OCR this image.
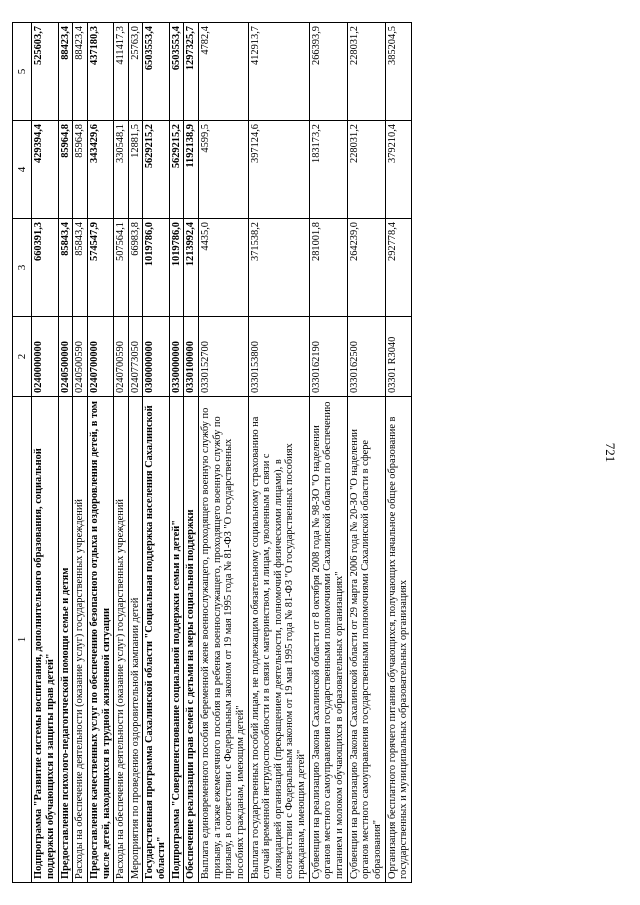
721
1	2	3	4	5
Подпрограмма "Развитие системы воспитания, дополнительного образования, социальной поддержки обучающихся и защиты прав детей"	0240000000	660391,3	429394,4	525603,7
Предоставление психолого-педагогической помощи семье и детям	0240500000	85843,4	85964,8	88423,4
Расходы на обеспечение деятельности (оказание услуг) государственных учреждений	0240500590	85843,4	85964,8	88423,4
Предоставление качественных услуг по обеспечению безопасного отдыха и оздоровления детей, в том числе детей, находящихся в трудной жизненной ситуации	0240700000	574547,9	343429,6	437180,3
Расходы на обеспечение деятельности (оказание услуг) государственных учреждений	0240700590	507564,1	330548,1	411417,3
Мероприятия по проведению оздоровительной кампании детей	0240773050	66983,8	12881,5	25763,0
Государственная программа Сахалинской области "Социальная поддержка населения Сахалинской области"	0300000000	1019786,0	5629215,2	6503553,4
Подпрограмма "Совершенствование социальной поддержки семьи и детей"	0330000000	1019786,0	5629215,2	6503553,4
Обеспечение реализации прав семей с детьми на меры социальной поддержки	0330100000	1213992,4	1192138,9	1297325,7
Выплата единовременного пособия беременной жене военнослужащего, проходящего военную службу по призыву, а также ежемесячного пособия на ребенка военнослужащего, проходящего военную службу по призыву, в соответствии с Федеральным законом от 19 мая 1995 года № 81-ФЗ "О государственных пособиях гражданам, имеющим детей"	0330152700	4435,0	4599,5	4782,4
Выплата государственных пособий лицам, не подлежащим обязательному социальному страхованию на случай временной нетрудоспособности и в связи с материнством, и лицам, уволенным в связи с ликвидацией организаций (прекращением деятельности, полномочий физическими лицами), в соответствии с Федеральным законом от 19 мая 1995 года № 81-ФЗ "О государственных пособиях гражданам, имеющим детей"	0330153800	371538,2	397124,6	412913,7
Субвенции на реализацию Закона Сахалинской области от 8 октября 2008 года № 98-ЗО "О наделении органов местного самоуправления государственными полномочиями Сахалинской области по обеспечению питанием и молоком обучающихся в образовательных организациях"	0330162190	281001,8	183173,2	266393,9
Субвенции на реализацию Закона Сахалинской области от 29 марта 2006 года № 20-ЗО "О наделении органов местного самоуправления государственными полномочиями Сахалинской области в сфере образования"	0330162500	264239,0	228031,2	228031,2
Организация бесплатного горячего питания обучающихся, получающих начальное общее образование в государственных и муниципальных образовательных организациях	03301 R3040	292778,4	379210,4	385204,5
